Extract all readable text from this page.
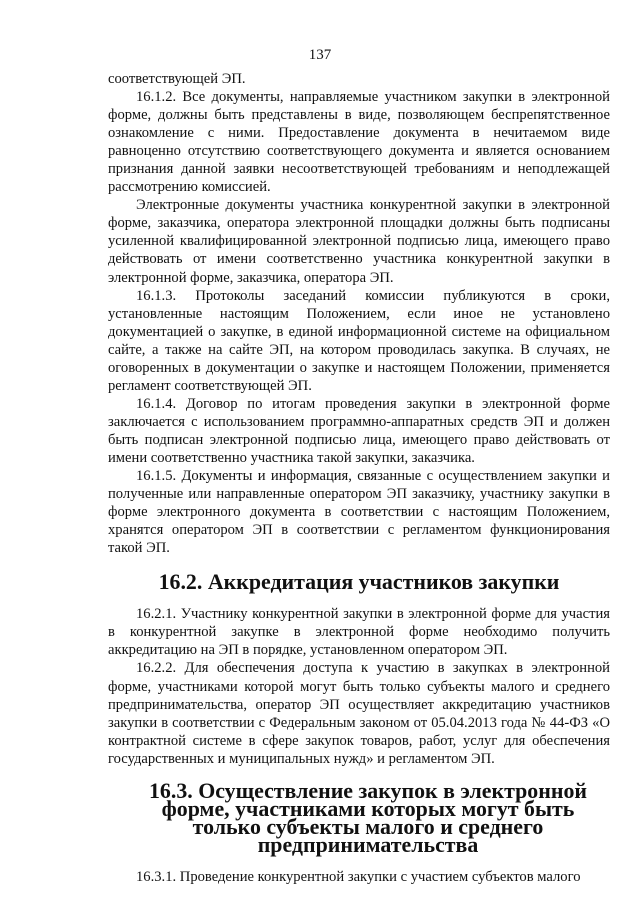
137

соответствующей ЭП.

16.1.2. Все документы, направляемые участником закупки в электронной форме, должны быть представлены в виде, позволяющем беспрепятственное ознакомление с ними. Предоставление документа в нечитаемом виде равноценно отсутствию соответствующего документа и является основанием признания данной заявки несоответствующей требованиям и неподлежащей рассмотрению комиссией.

Электронные документы участника конкурентной закупки в электронной форме, заказчика, оператора электронной площадки должны быть подписаны усиленной квалифицированной электронной подписью лица, имеющего право действовать от имени соответственно участника конкурентной закупки в электронной форме, заказчика, оператора ЭП.

16.1.3. Протоколы заседаний комиссии публикуются в сроки, установленные настоящим Положением, если иное не установлено документацией о закупке, в единой информационной системе на официальном сайте, а также на сайте ЭП, на котором проводилась закупка. В случаях, не оговоренных в документации о закупке и настоящем Положении, применяется регламент соответствующей ЭП.

16.1.4. Договор по итогам проведения закупки в электронной форме заключается с использованием программно-аппаратных средств ЭП и должен быть подписан электронной подписью лица, имеющего право действовать от имени соответственно участника такой закупки, заказчика.

16.1.5. Документы и информация, связанные с осуществлением закупки и полученные или направленные оператором ЭП заказчику, участнику закупки в форме электронного документа в соответствии с настоящим Положением, хранятся оператором ЭП в соответствии с регламентом функционирования такой ЭП.

16.2. Аккредитация участников закупки

16.2.1. Участнику конкурентной закупки в электронной форме для участия в конкурентной закупке в электронной форме необходимо получить аккредитацию на ЭП в порядке, установленном оператором ЭП.

16.2.2. Для обеспечения доступа к участию в закупках в электронной форме, участниками которой могут быть только субъекты малого и среднего предпринимательства, оператор ЭП осуществляет аккредитацию участников закупки в соответствии с Федеральным законом от 05.04.2013 года № 44-ФЗ «О контрактной системе в сфере закупок товаров, работ, услуг для обеспечения государственных и муниципальных нужд» и регламентом ЭП.

16.3. Осуществление закупок в электронной форме, участниками которых могут быть только субъекты малого и среднего предпринимательства

16.3.1. Проведение конкурентной закупки с участием субъектов малого
